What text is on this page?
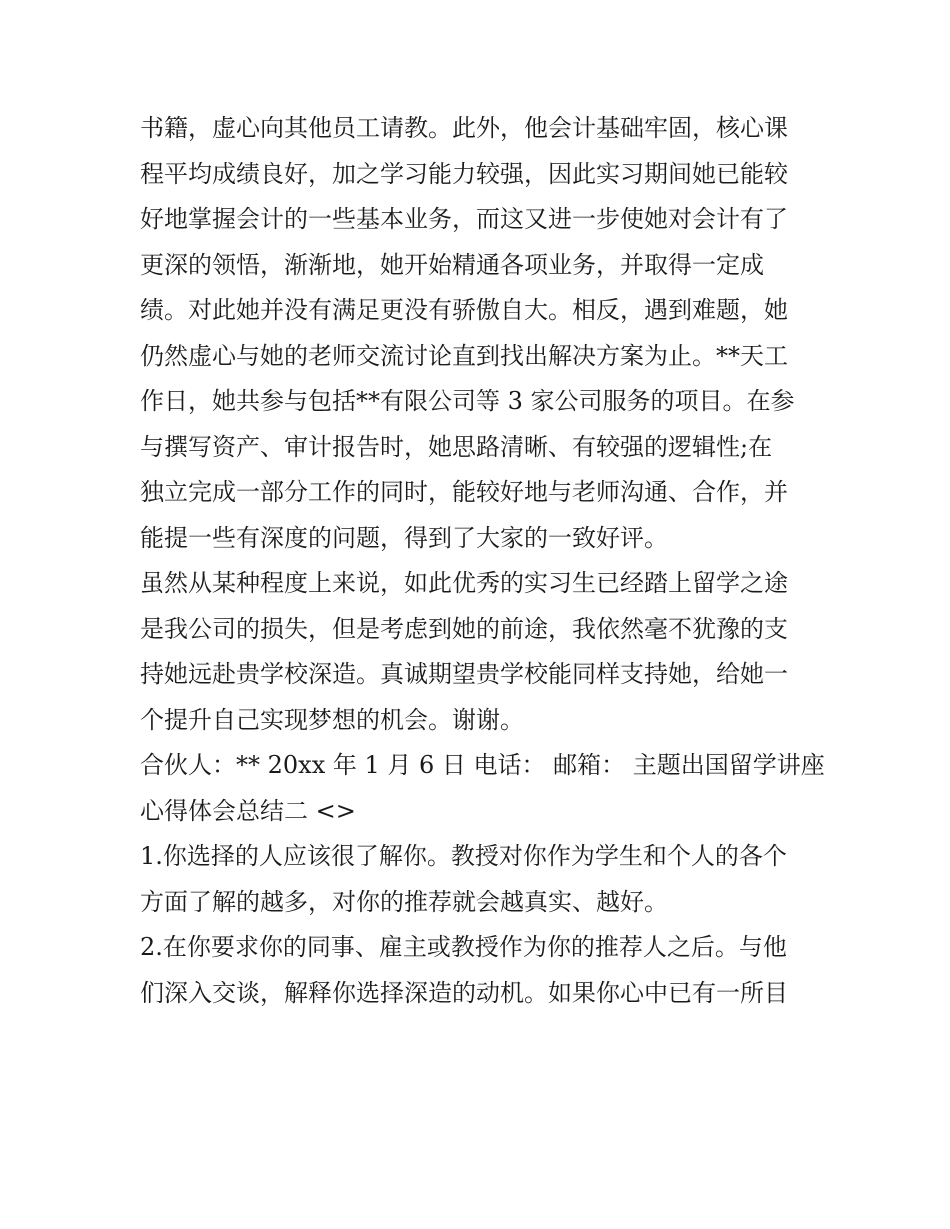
书籍，虚心向其他员工请教。此外，他会计基础牢固，核心课
程平均成绩良好，加之学习能力较强，因此实习期间她已能较
好地掌握会计的一些基本业务，而这又进一步使她对会计有了
更深的领悟，渐渐地，她开始精通各项业务，并取得一定成
绩。对此她并没有满足更没有骄傲自大。相反，遇到难题，她
仍然虚心与她的老师交流讨论直到找出解决方案为止。**天工
作日，她共参与包括**有限公司等 3 家公司服务的项目。在参
与撰写资产、审计报告时，她思路清晰、有较强的逻辑性;在
独立完成一部分工作的同时，能较好地与老师沟通、合作，并
能提一些有深度的问题，得到了大家的一致好评。
虽然从某种程度上来说，如此优秀的实习生已经踏上留学之途
是我公司的损失，但是考虑到她的前途，我依然毫不犹豫的支
持她远赴贵学校深造。真诚期望贵学校能同样支持她，给她一
个提升自己实现梦想的机会。谢谢。
合伙人：** 20xx 年 1 月 6 日 电话： 邮箱： 主题出国留学讲座
心得体会总结二 <>
1.你选择的人应该很了解你。教授对你作为学生和个人的各个
方面了解的越多，对你的推荐就会越真实、越好。
2.在你要求你的同事、雇主或教授作为你的推荐人之后。与他
们深入交谈，解释你选择深造的动机。如果你心中已有一所目
